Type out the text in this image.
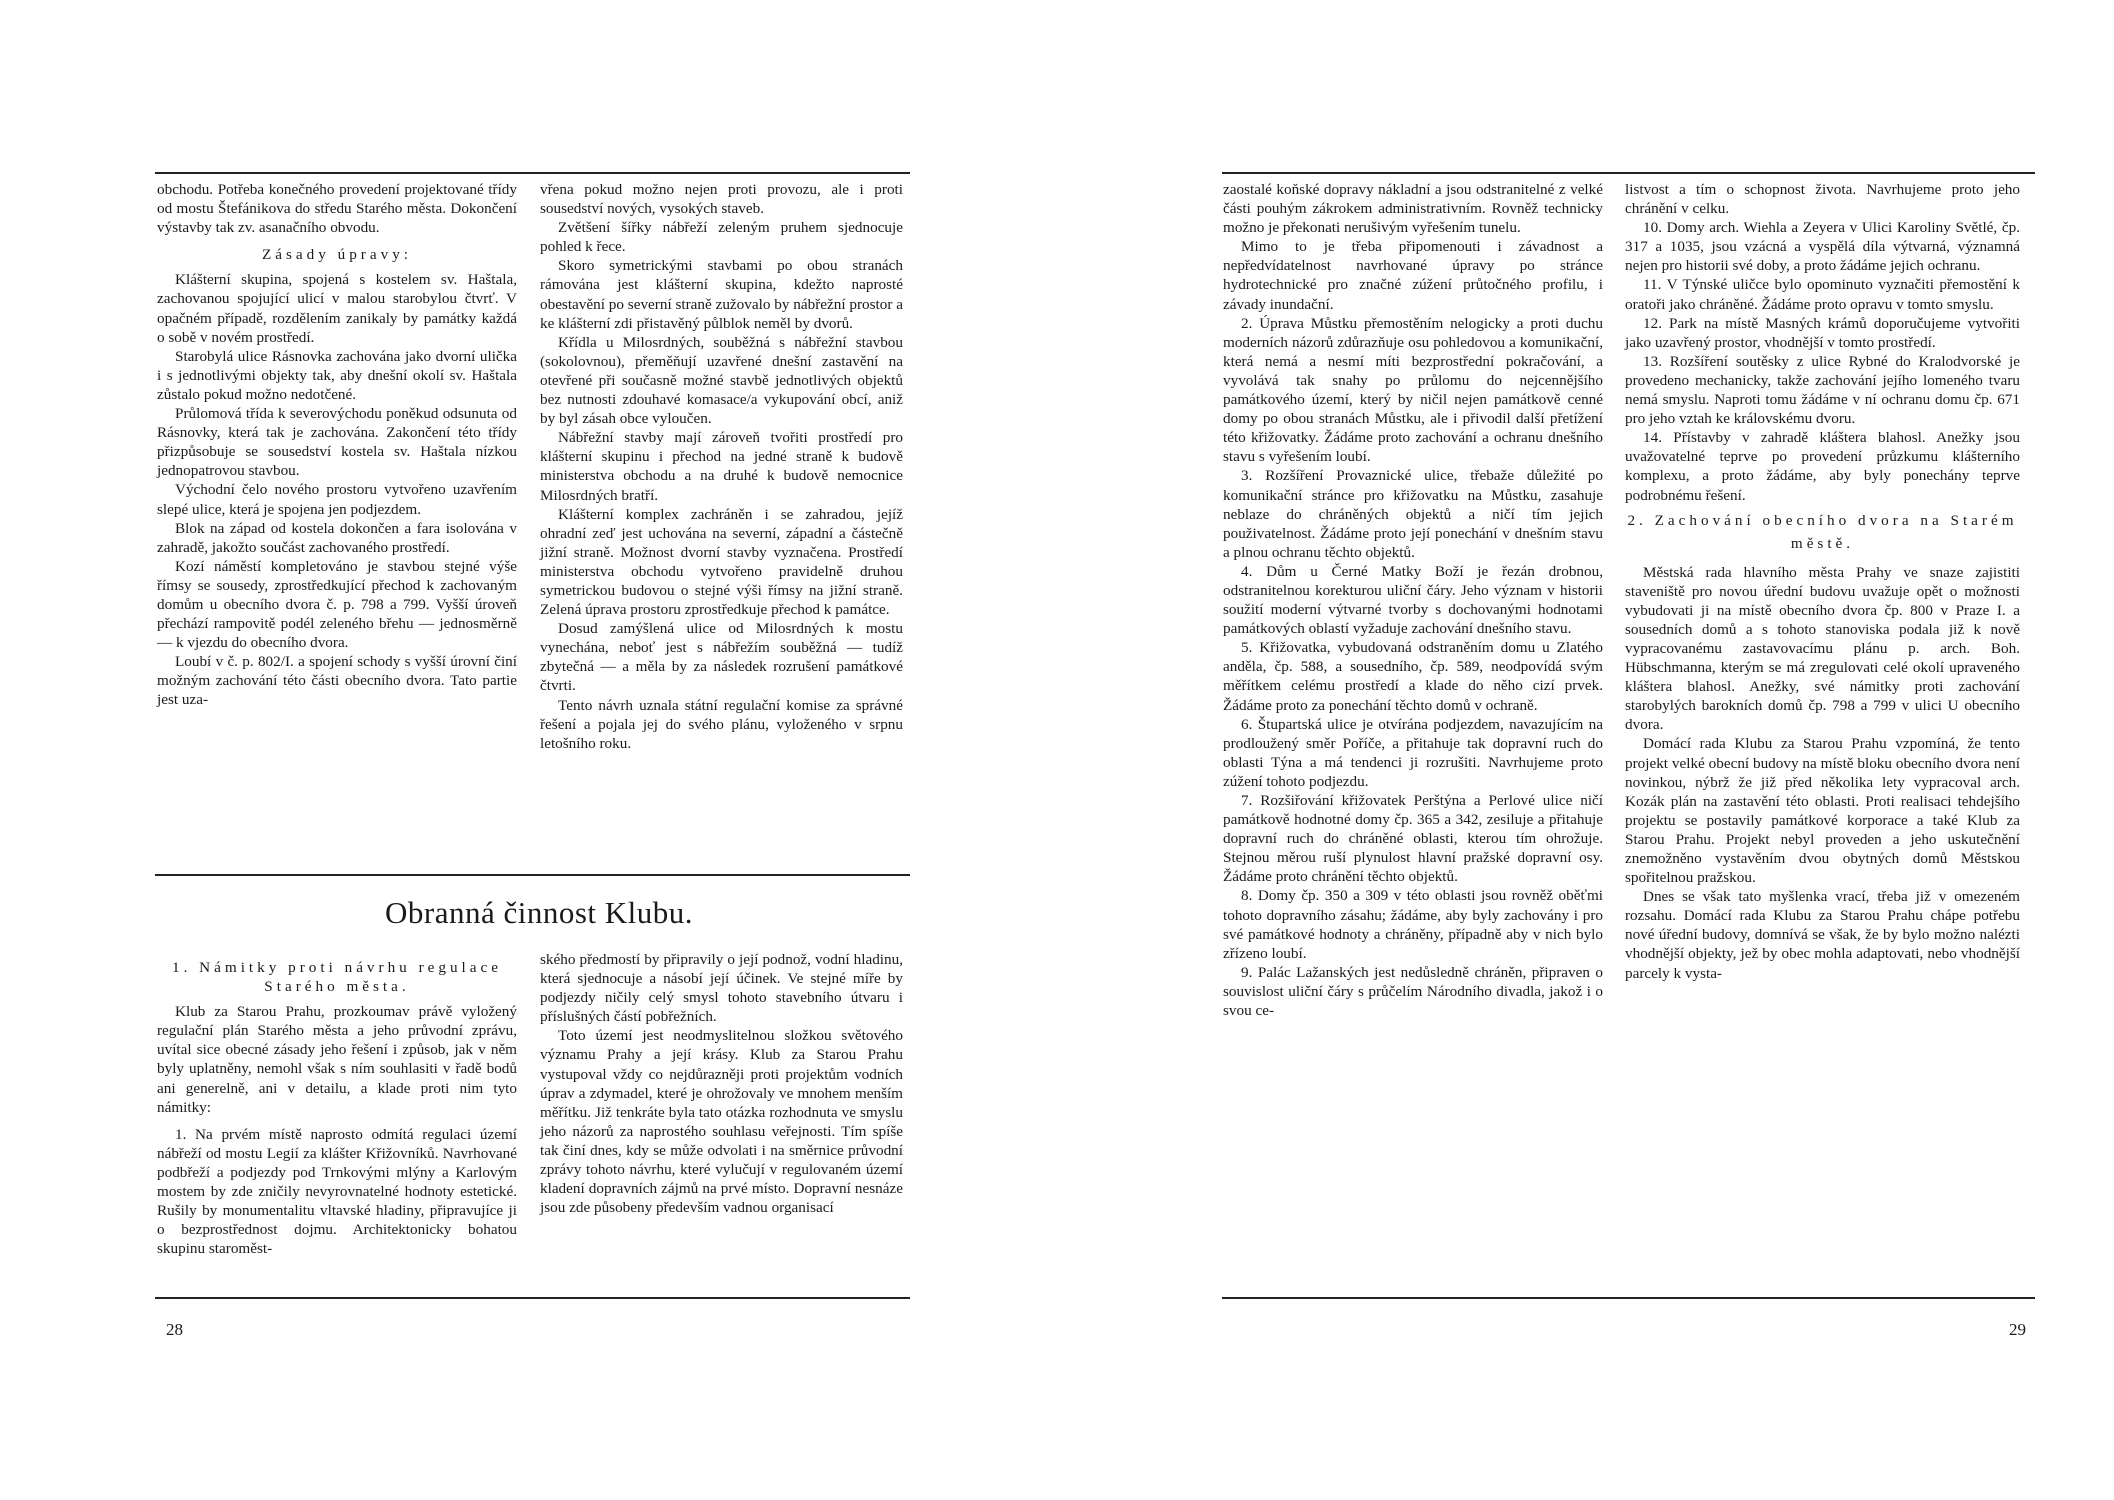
obchodu. Potřeba konečného provedení projektované třídy od mostu Štefánikova do středu Starého města. Dokončení výstavby tak zv. asanačního obvodu.

Zásady úpravy:

Klášterní skupina, spojená s kostelem sv. Haštala, zachovanou spojující ulicí v malou starobylou čtvrť. V opačném případě, rozdělením zanikaly by památky každá o sobě v novém prostředí.

Starobylá ulice Rásnovka zachována jako dvorní ulička i s jednotlivými objekty tak, aby dnešní okolí sv. Haštala zůstalo pokud možno nedotčené.

Průlomová třída k severovýchodu poněkud odsunuta od Rásnovky, která tak je zachována. Zakončení této třídy přizpůsobuje se sousedství kostela sv. Haštala nízkou jednopatrovou stavbou.

Východní čelo nového prostoru vytvořeno uzavřením slepé ulice, která je spojena jen podjezdem.

Blok na západ od kostela dokončen a fara isolována v zahradě, jakožto součást zachovaného prostředí.

Kozí náměstí kompletováno je stavbou stejné výše římsy se sousedy, zprostředkující přechod k zachovaným domům u obecního dvora č. p. 798 a 799. Vyšší úroveň přechází rampovitě podél zeleného břehu — jednosměrně — k vjezdu do obecního dvora.

Loubí v č. p. 802/I. a spojení schody s vyšší úrovní činí možným zachování této části obecního dvora. Tato partie jest uza-

vřena pokud možno nejen proti provozu, ale i proti sousedství nových, vysokých staveb.

Zvětšení šířky nábřeží zeleným pruhem sjednocuje pohled k řece.

Skoro symetrickými stavbami po obou stranách rámována jest klášterní skupina, kdežto naprosté obestavění po severní straně zužovalo by nábřežní prostor a ke klášterní zdi přistavěný půlblok neměl by dvorů.

Křídla u Milosrdných, souběžná s nábřežní stavbou (sokolovnou), přeměňují uzavřené dnešní zastavění na otevřené při současně možné stavbě jednotlivých objektů bez nutnosti zdouhavé komasace/a vykupování obcí, aniž by byl zásah obce vyloučen.

Nábřežní stavby mají zároveň tvořiti prostředí pro klášterní skupinu i přechod na jedné straně k budově ministerstva obchodu a na druhé k budově nemocnice Milosrdných bratří.

Klášterní komplex zachráněn i se zahradou, jejíž ohradní zeď jest uchována na severní, západní a částečně jižní straně. Možnost dvorní stavby vyznačena. Prostředí ministerstva obchodu vytvořeno pravidelně druhou symetrickou budovou o stejné výši římsy na jižní straně. Zelená úprava prostoru zprostředkuje přechod k památce.

Dosud zamýšlená ulice od Milosrdných k mostu vynechána, neboť jest s nábřežím souběžná — tudíž zbytečná — a měla by za následek rozrušení památkové čtvrti.

Tento návrh uznala státní regulační komise za správné řešení a pojala jej do svého plánu, vyloženého v srpnu letošního roku.

Obranná činnost Klubu.

1. Námitky proti návrhu regulace Starého města.

Klub za Starou Prahu, prozkoumav právě vyložený regulační plán Starého města a jeho průvodní zprávu, uvítal sice obecné zásady jeho řešení i způsob, jak v něm byly uplatněny, nemohl však s ním souhlasiti v řadě bodů ani generelně, ani v detailu, a klade proti nim tyto námitky:

1. Na prvém místě naprosto odmítá regulaci území nábřeží od mostu Legií za klášter Křižovníků. Navrhované podbřeží a podjezdy pod Trnkovými mlýny a Karlovým mostem by zde zničily nevyrovnatelné hodnoty estetické. Rušily by monumentalitu vltavské hladiny, připravujíce ji o bezprostřednost dojmu. Architektonicky bohatou skupinu staroměst-

ského předmostí by připravily o její podnož, vodní hladinu, která sjednocuje a násobí její účinek. Ve stejné míře by podjezdy ničily celý smysl tohoto stavebního útvaru i příslušných částí pobřežních.

Toto území jest neodmyslitelnou složkou světového významu Prahy a její krásy. Klub za Starou Prahu vystupoval vždy co nejdůrazněji proti projektům vodních úprav a zdymadel, které je ohrožovaly ve mnohem menším měřítku. Již tenkráte byla tato otázka rozhodnuta ve smyslu jeho názorů za naprostého souhlasu veřejnosti. Tím spíše tak činí dnes, kdy se může odvolati i na směrnice průvodní zprávy tohoto návrhu, které vylučují v regulovaném území kladení dopravních zájmů na prvé místo. Dopravní nesnáze jsou zde působeny především vadnou organisací

28

zaostalé koňské dopravy nákladní a jsou odstranitelné z velké části pouhým zákrokem administrativním. Rovněž technicky možno je překonati nerušivým vyřešením tunelu.

Mimo to je třeba připomenouti i závadnost a nepředvídatelnost navrhované úpravy po stránce hydrotechnické pro značné zúžení průtočného profilu, i závady inundační.

2. Úprava Můstku přemostěním nelogicky a proti duchu moderních názorů zdůrazňuje osu pohledovou a komunikační, která nemá a nesmí míti bezprostřední pokračování, a vyvolává tak snahy po průlomu do nejcennějšího památkového území, který by ničil nejen památkově cenné domy po obou stranách Můstku, ale i přivodil další přetížení této křižovatky. Žádáme proto zachování a ochranu dnešního stavu s vyřešením loubí.

3. Rozšíření Provaznické ulice, třebaže důležité po komunikační stránce pro křižovatku na Můstku, zasahuje neblaze do chráněných objektů a ničí tím jejich použivatelnost. Žádáme proto její ponechání v dnešním stavu a plnou ochranu těchto objektů.

4. Dům u Černé Matky Boží je řezán drobnou, odstranitelnou korekturou uliční čáry. Jeho význam v historii soužití moderní výtvarné tvorby s dochovanými hodnotami památkových oblastí vyžaduje zachování dnešního stavu.

5. Křižovatka, vybudovaná odstraněním domu u Zlatého anděla, čp. 588, a sousedního, čp. 589, neodpovídá svým měřítkem celému prostředí a klade do něho cizí prvek. Žádáme proto za ponechání těchto domů v ochraně.

6. Štupartská ulice je otvírána podjezdem, navazujícím na prodloužený směr Poříče, a přitahuje tak dopravní ruch do oblasti Týna a má tendenci ji rozrušiti. Navrhujeme proto zúžení tohoto podjezdu.

7. Rozšiřování křižovatek Perštýna a Perlové ulice ničí památkově hodnotné domy čp. 365 a 342, zesiluje a přitahuje dopravní ruch do chráněné oblasti, kterou tím ohrožuje. Stejnou měrou ruší plynulost hlavní pražské dopravní osy. Žádáme proto chránění těchto objektů.

8. Domy čp. 350 a 309 v této oblasti jsou rovněž oběťmi tohoto dopravního zásahu; žádáme, aby byly zachovány i pro své památkové hodnoty a chráněny, případně aby v nich bylo zřízeno loubí.

9. Palác Lažanských jest nedůsledně chráněn, připraven o souvislost uliční čáry s průčelím Národního divadla, jakož i o svou ce-

listvost a tím o schopnost života. Navrhujeme proto jeho chránění v celku.

10. Domy arch. Wiehla a Zeyera v Ulici Karoliny Světlé, čp. 317 a 1035, jsou vzácná a vyspělá díla výtvarná, významná nejen pro historii své doby, a proto žádáme jejich ochranu.

11. V Týnské uličce bylo opominuto vyznačiti přemostění k oratoři jako chráněné. Žádáme proto opravu v tomto smyslu.

12. Park na místě Masných krámů doporučujeme vytvořiti jako uzavřený prostor, vhodnější v tomto prostředí.

13. Rozšíření soutěsky z ulice Rybné do Kralodvorské je provedeno mechanicky, takže zachování jejího lomeného tvaru nemá smyslu. Naproti tomu žádáme v ní ochranu domu čp. 671 pro jeho vztah ke královskému dvoru.

14. Přístavby v zahradě kláštera blahosl. Anežky jsou uvažovatelné teprve po provedení průzkumu klášterního komplexu, a proto žádáme, aby byly ponechány teprve podrobnému řešení.

2. Zachování obecního dvora na Starém městě.

Městská rada hlavního města Prahy ve snaze zajistiti staveniště pro novou úřední budovu uvažuje opět o možnosti vybudovati ji na místě obecního dvora čp. 800 v Praze I. a sousedních domů a s tohoto stanoviska podala již k nově vypracovanému zastavovacímu plánu p. arch. Boh. Hübschmanna, kterým se má zregulovati celé okolí upraveného kláštera blahosl. Anežky, své námitky proti zachování starobylých barokních domů čp. 798 a 799 v ulici U obecního dvora.

Domácí rada Klubu za Starou Prahu vzpomíná, že tento projekt velké obecní budovy na místě bloku obecního dvora není novinkou, nýbrž že již před několika lety vypracoval arch. Kozák plán na zastavění této oblasti. Proti realisaci tehdejšího projektu se postavily památkové korporace a také Klub za Starou Prahu. Projekt nebyl proveden a jeho uskutečnění znemožněno vystavěním dvou obytných domů Městskou spořitelnou pražskou.

Dnes se však tato myšlenka vrací, třeba již v omezeném rozsahu. Domácí rada Klubu za Starou Prahu chápe potřebu nové úřední budovy, domnívá se však, že by bylo možno nalézti vhodnější objekty, jež by obec mohla adaptovati, nebo vhodnější parcely k vysta-

29
